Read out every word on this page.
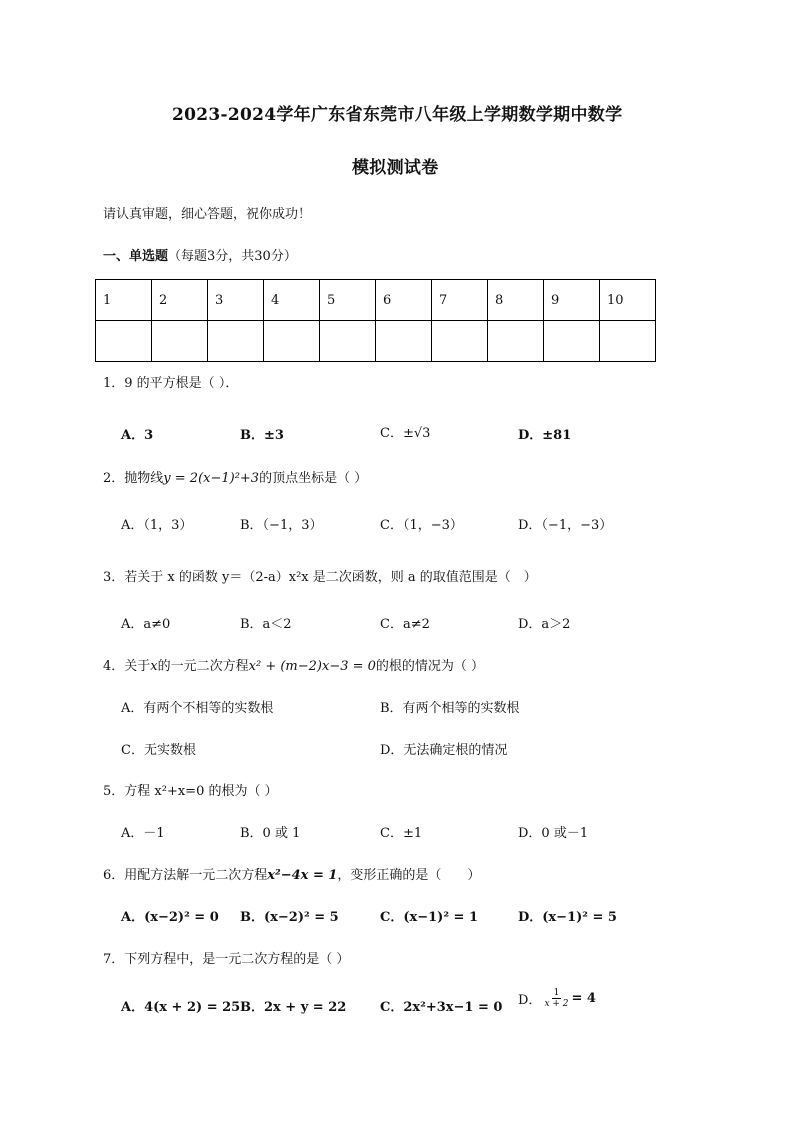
2023-2024学年广东省东莞市八年级上学期数学期中数学
模拟测试卷
请认真审题，细心答题，祝你成功！
一、单选题（每题3分，共30分）
1	2	3	4	5	6	7	8	9	10

1．9 的平方根是（ ）．
A．3	B．±3	C．±√3	D．±81
2．抛物线y = 2(x−1)²+3的顶点坐标是（ ）
A．（1，3）	B．（−1，3）	C．（1，−3）	D．（−1，−3）
3．若关于 x 的函数 y＝（2-a）x²x 是二次函数，则 a 的取值范围是（　）
A．a≠0	B．a＜2	C．a≠2	D．a＞2
4．关于x的一元二次方程x² + (m−2)x−3 = 0的根的情况为（ ）
A．有两个不相等的实数根	B．有两个相等的实数根
C．无实数根	D．无法确定根的情况
5．方程 x²+x=0 的根为（ ）
A．－1	B．0 或 1	C．±1	D．0 或－1
6．用配方法解一元二次方程x²−4x = 1，变形正确的是（　　）
A．(x−2)² = 0 B．(x−2)² = 5	C．(x−1)² = 1	D．(x−1)² = 5
7．下列方程中，是一元二次方程的是（ ）
A．4(x + 2) = 25 B．2x + y = 22	C．2x²+3x−1 = 0 D． $\frac{1}{x + 2} = 4$
